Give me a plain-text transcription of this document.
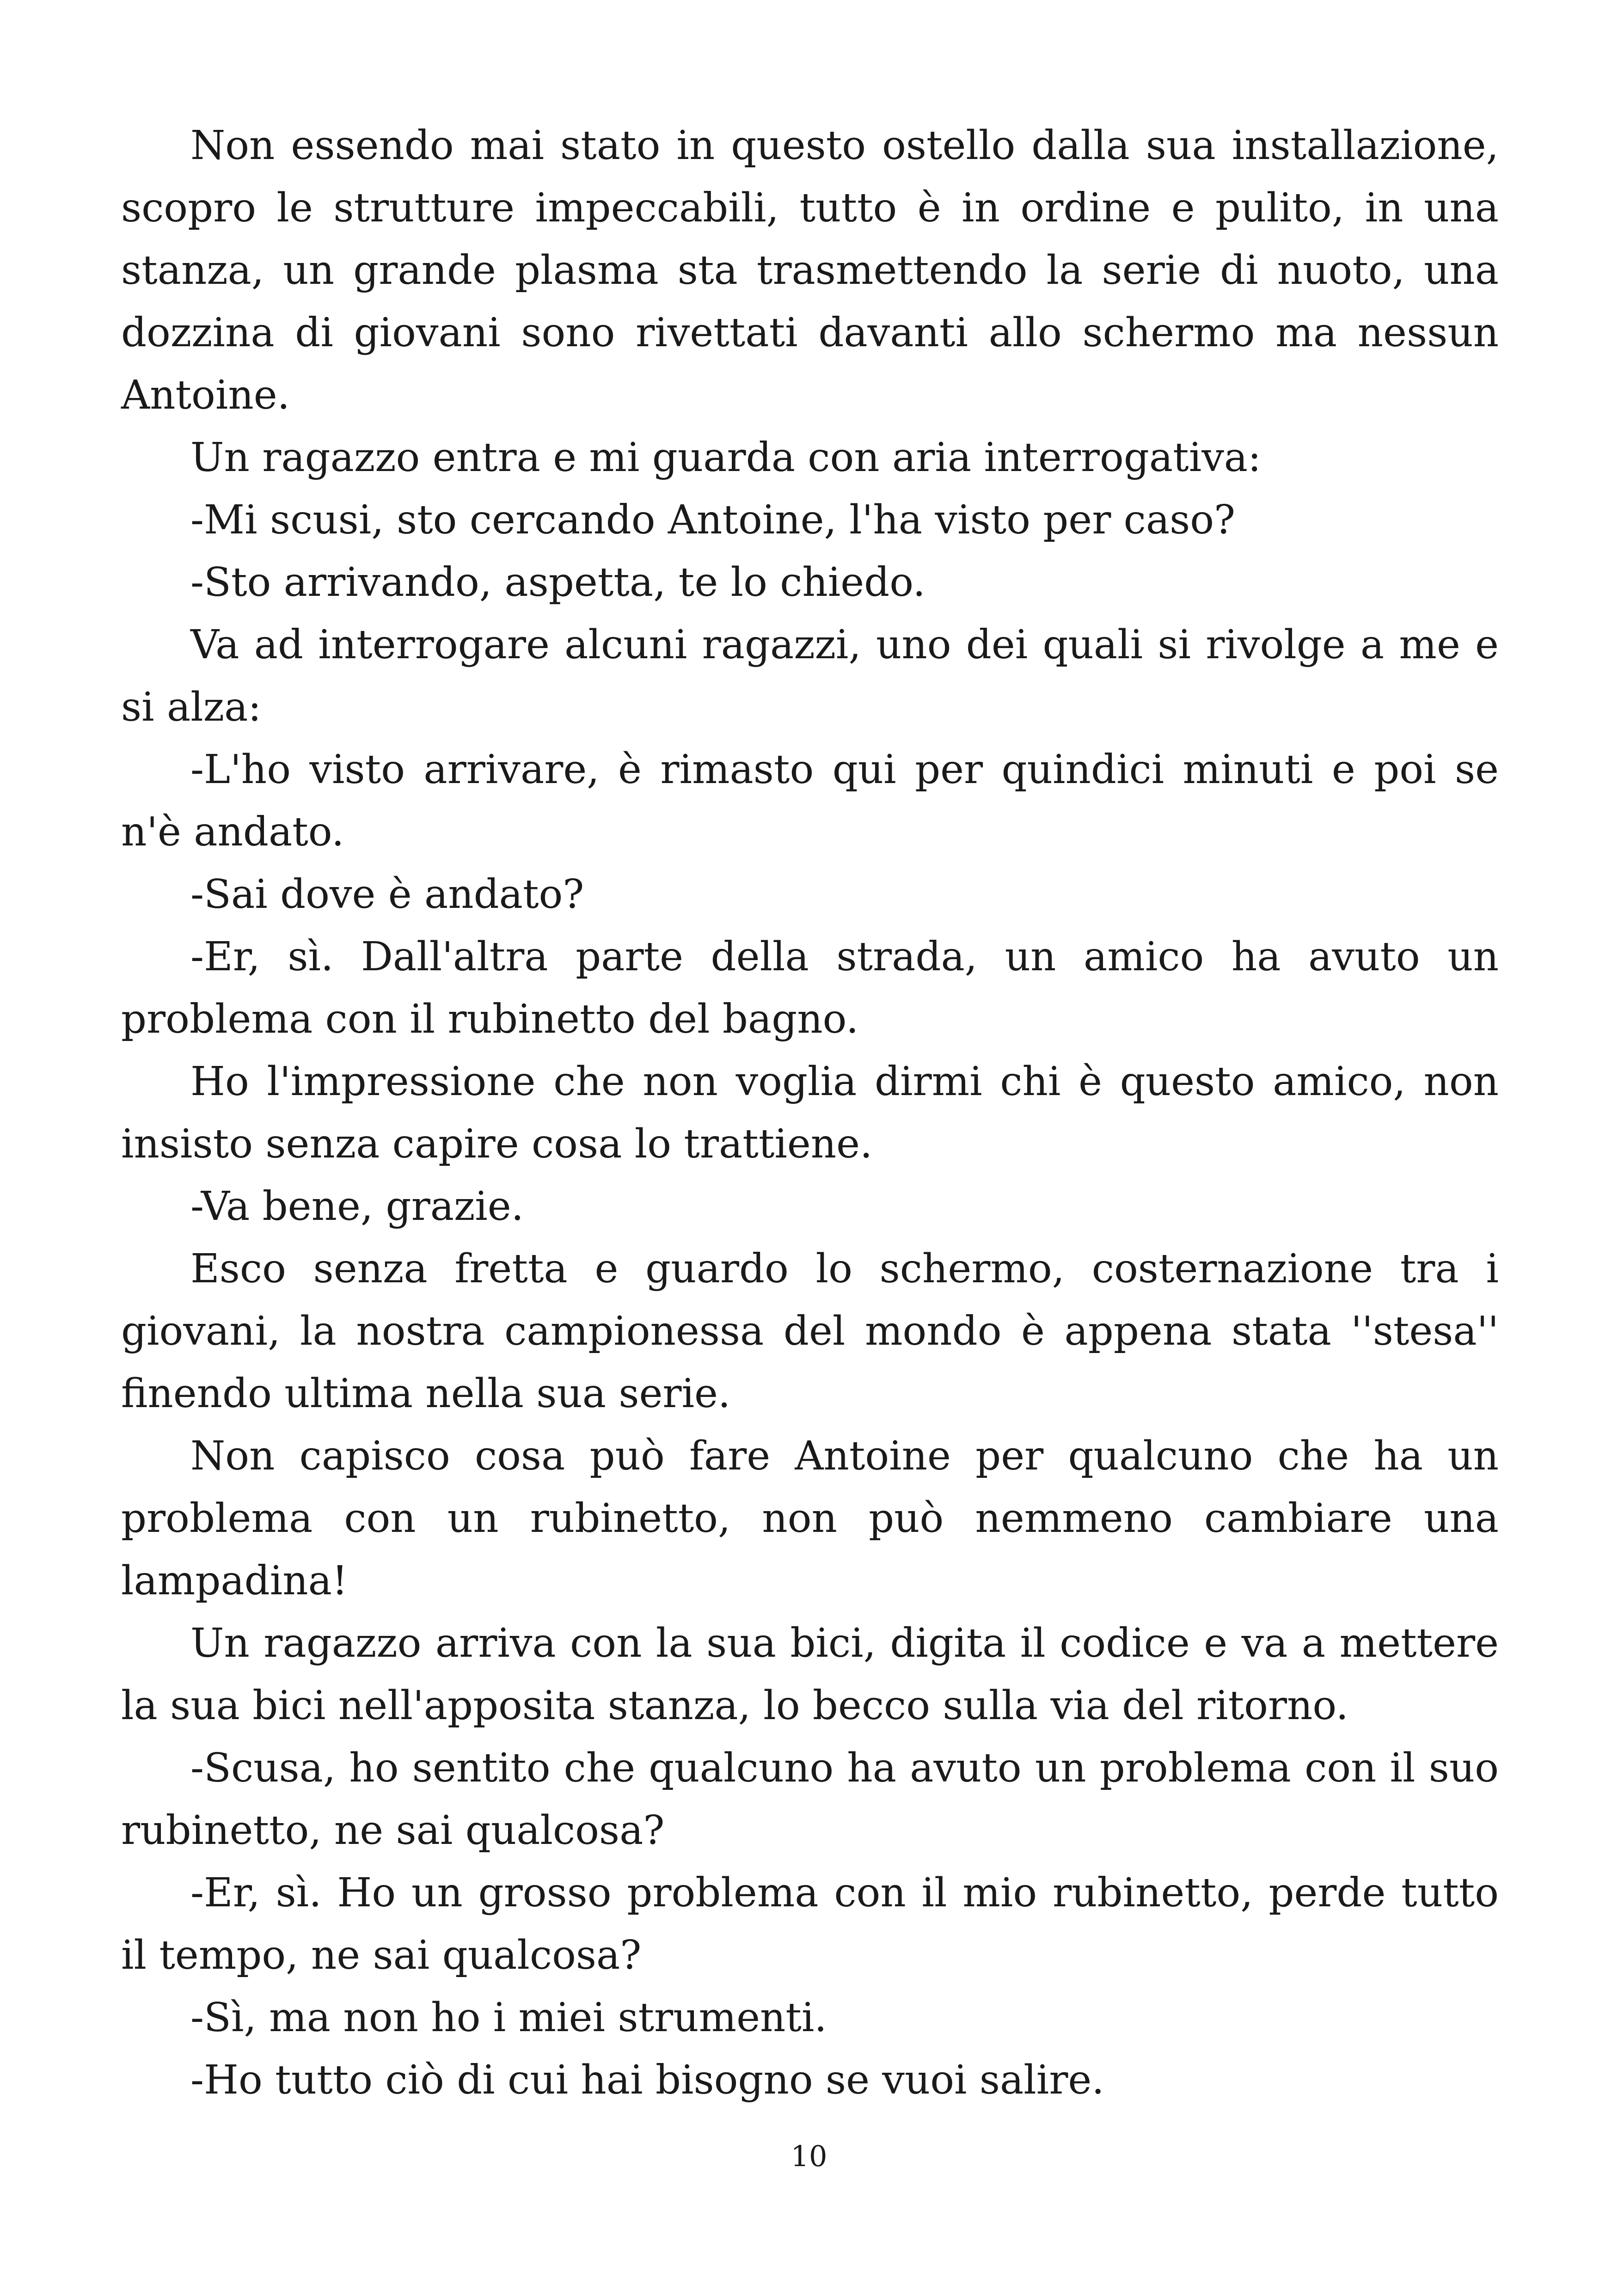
Non essendo mai stato in questo ostello dalla sua installazione, scopro le strutture impeccabili, tutto è in ordine e pulito, in una stanza, un grande plasma sta trasmettendo la serie di nuoto, una dozzina di giovani sono rivettati davanti allo schermo ma nessun Antoine.

Un ragazzo entra e mi guarda con aria interrogativa:

-Mi scusi, sto cercando Antoine, l'ha visto per caso?

-Sto arrivando, aspetta, te lo chiedo.

Va ad interrogare alcuni ragazzi, uno dei quali si rivolge a me e si alza:

-L'ho visto arrivare, è rimasto qui per quindici minuti e poi se n'è andato.

-Sai dove è andato?

-Er, sì. Dall'altra parte della strada, un amico ha avuto un problema con il rubinetto del bagno.

Ho l'impressione che non voglia dirmi chi è questo amico, non insisto senza capire cosa lo trattiene.

-Va bene, grazie.

Esco senza fretta e guardo lo schermo, costernazione tra i giovani, la nostra campionessa del mondo è appena stata ''stesa'' finendo ultima nella sua serie.

Non capisco cosa può fare Antoine per qualcuno che ha un problema con un rubinetto, non può nemmeno cambiare una lampadina!

Un ragazzo arriva con la sua bici, digita il codice e va a mettere la sua bici nell'apposita stanza, lo becco sulla via del ritorno.

-Scusa, ho sentito che qualcuno ha avuto un problema con il suo rubinetto, ne sai qualcosa?

-Er, sì. Ho un grosso problema con il mio rubinetto, perde tutto il tempo, ne sai qualcosa?

-Sì, ma non ho i miei strumenti.

-Ho tutto ciò di cui hai bisogno se vuoi salire.

10
